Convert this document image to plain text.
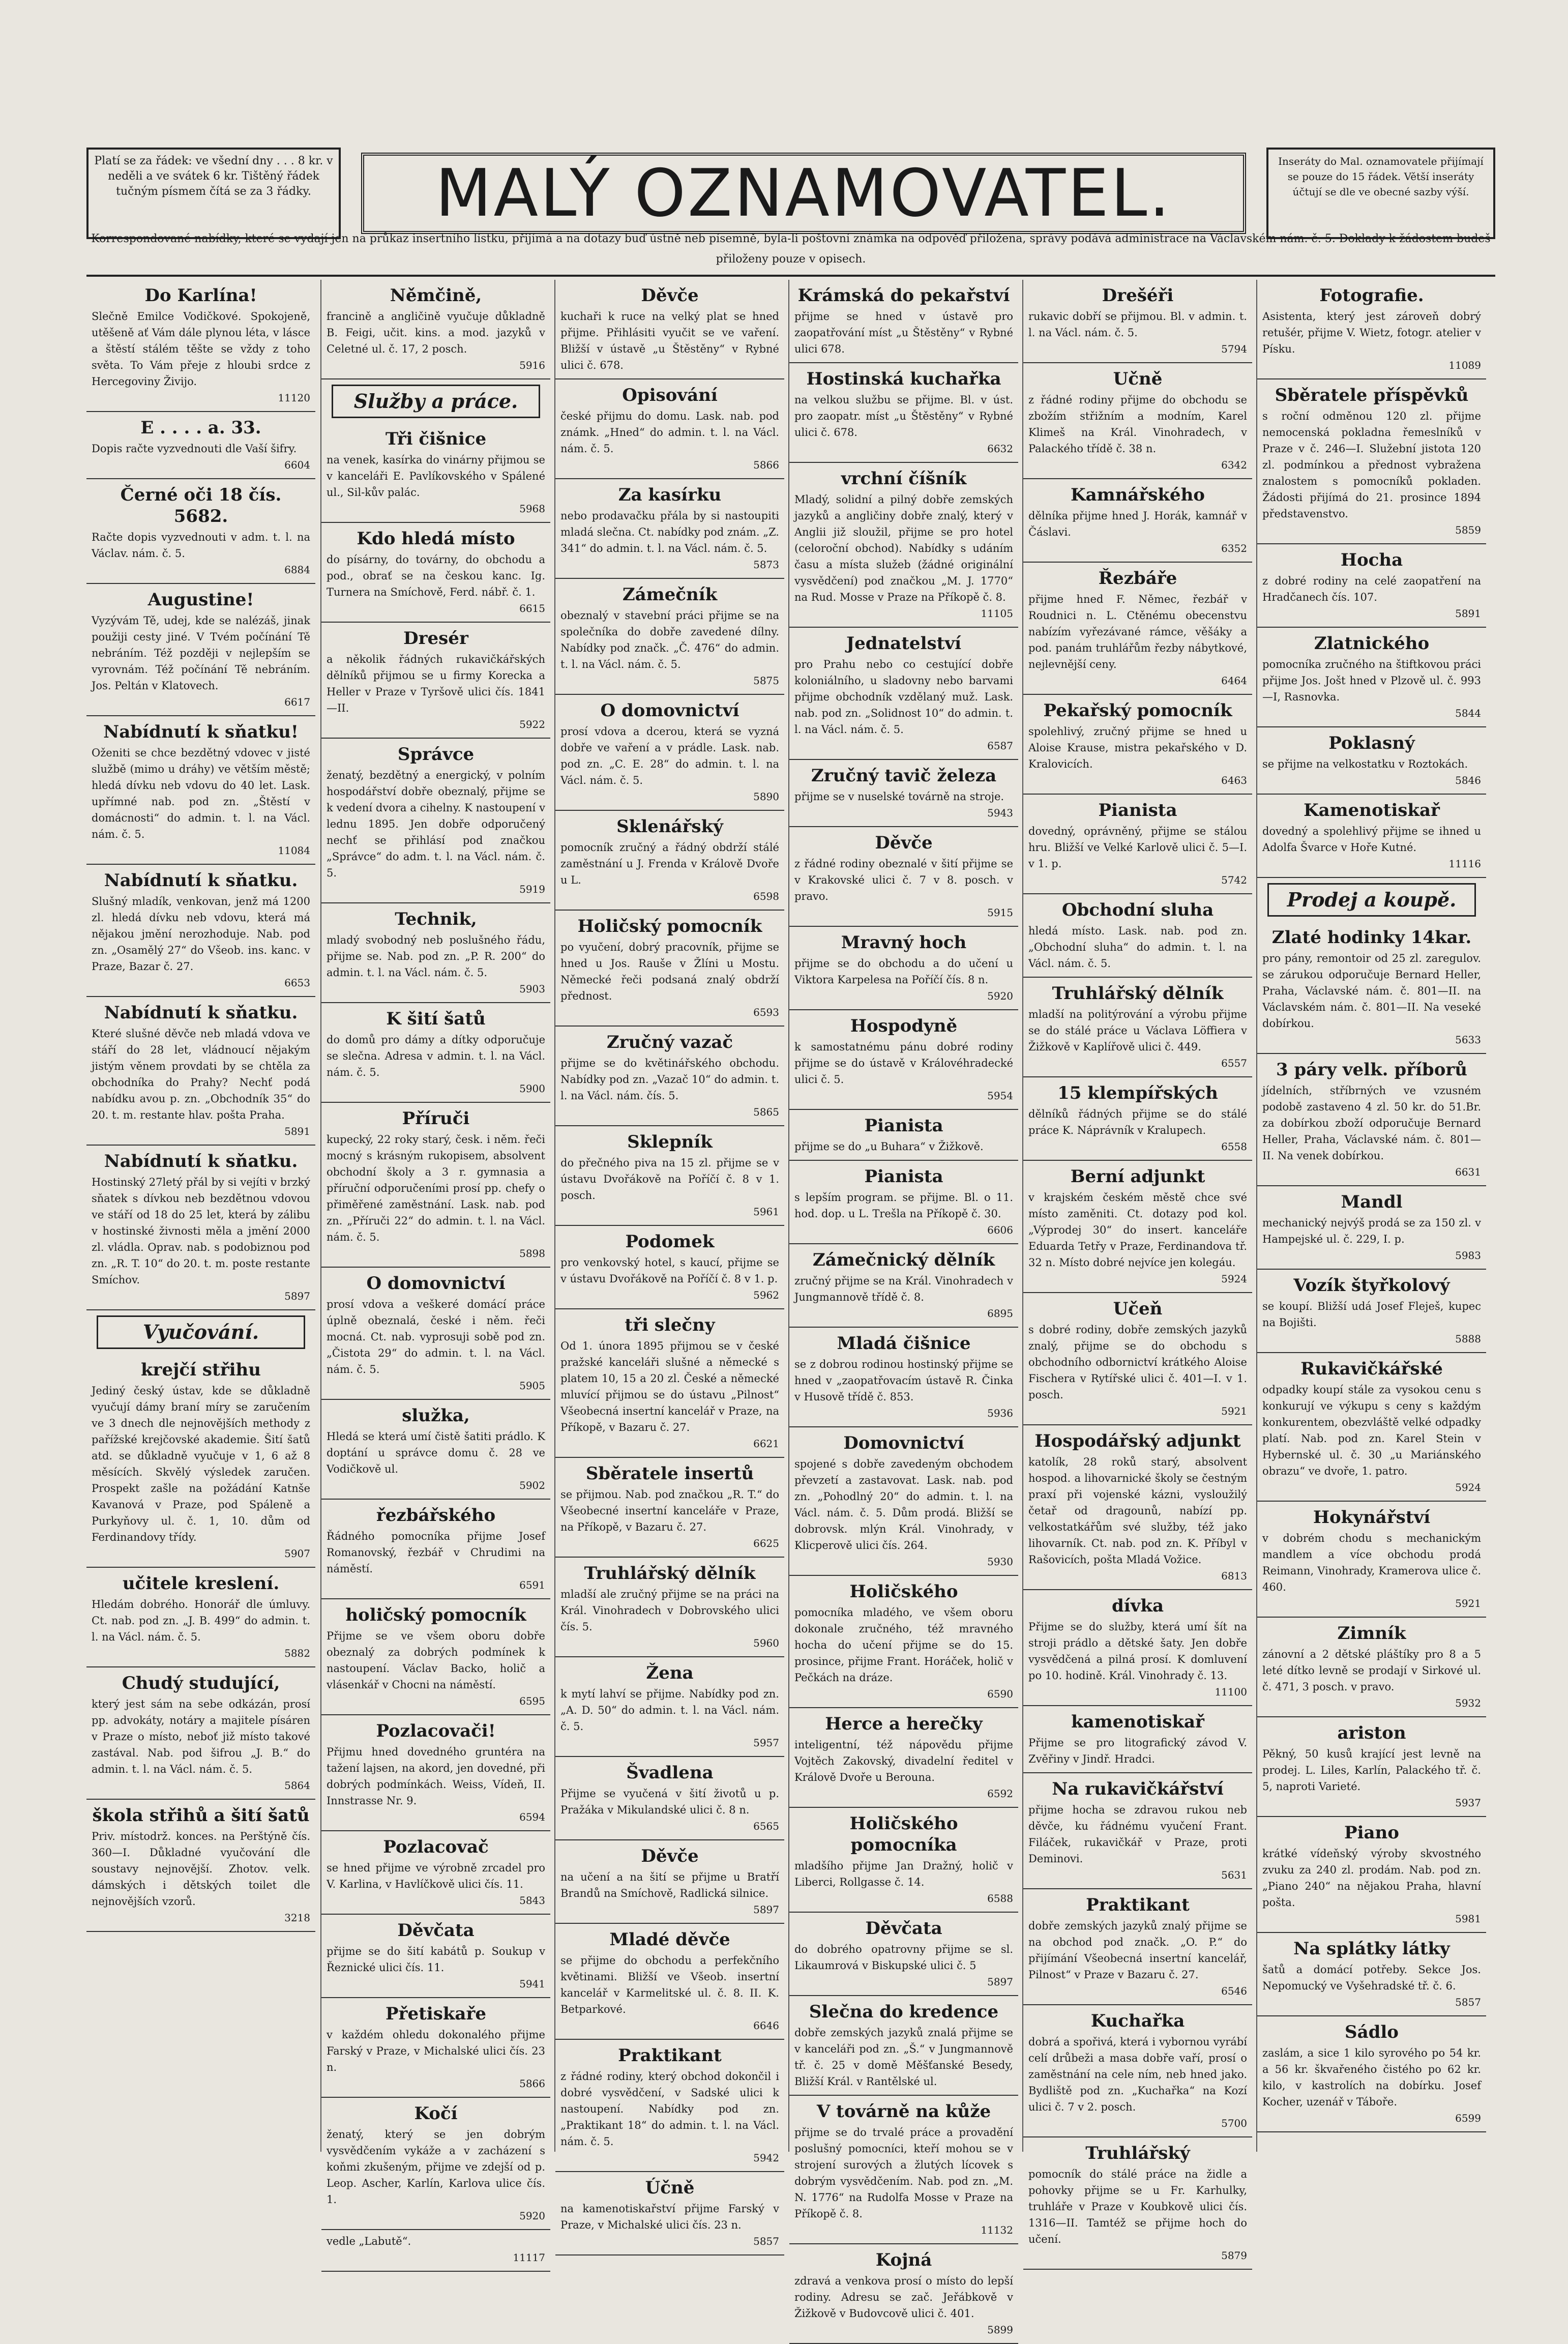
Platí se za řádek: ve všední dny . . . 8 kr. v neděli a ve svátek 6 kr. Tištěný řádek tučným písmem čítá se za 3 řádky.	MALÝ OZNAMOVATEL.	Inseráty do Mal. oznamovatele přijímají se pouze do 15 řádek. Větší inseráty účtují se dle ve obecné sazby výší.
Korrespondované nabídky, které se vydají jen na průkaz insertního lístku, přijímá a na dotazy buď ústně neb písemně, byla-li poštovní známka na odpověď přiložena, správy podává administrace na Václavském nám. č. 5. Doklady k žádostem budeš přiloženy pouze v opisech.
Do Karlína!

Slečně Emilce Vodičkové. Spokojeně, utěšeně ať Vám dále plynou léta, v lásce a štěstí stálém těšte se vždy z toho světa. To Vám přeje z hloubi srdce z Hercegoviny Živijo.

11120
E . . . . a. 33.

Dopis račte vyzvednouti dle Vaší šifry.

6604
Černé oči 18 čís. 5682.

Račte dopis vyzvednouti v adm. t. l. na Václav. nám. č. 5.

6884
Augustine!

Vyzývám Tě, udej, kde se nalézáš, jinak použiji cesty jiné. V Tvém počínání Tě nebráním. Též později v nejlepším se vyrovnám. Též počínání Tě nebráním. Jos. Peltán v Klatovech.

6617
Nabídnutí k sňatku!

Oženiti se chce bezdětný vdovec v jisté službě (mimo u dráhy) ve větším městě; hledá dívku neb vdovu do 40 let. Lask. upřímné nab. pod zn. „Štěstí v domácnosti“ do admin. t. l. na Václ. nám. č. 5.

11084
Nabídnutí k sňatku.

Slušný mladík, venkovan, jenž má 1200 zl. hledá dívku neb vdovu, která má nějakou jmění nerozhoduje. Nab. pod zn. „Osamělý 27“ do Všeob. ins. kanc. v Praze, Bazar č. 27.

6653
Nabídnutí k sňatku.

Které slušné děvče neb mladá vdova ve stáří do 28 let, vládnoucí nějakým jistým věnem provdati by se chtěla za obchodníka do Prahy? Nechť podá nabídku avou p. zn. „Obchodník 35“ do 20. t. m. restante hlav. pošta Praha.

5891
Nabídnutí k sňatku.

Hostinský 27letý přál by si vejíti v brzký sňatek s dívkou neb bezdětnou vdovou ve stáří od 18 do 25 let, která by zálibu v hostinské živnosti měla a jmění 2000 zl. vládla. Oprav. nab. s podobiznou pod zn. „R. T. 10“ do 20. t. m. poste restante Smíchov.

5897
Vyučování.
krejčí střihu

Jediný český ústav, kde se důkladně vyučují dámy braní míry se zaručením ve 3 dnech dle nejnovějších methody z pařížské krejčovské akademie. Šití šatů atd. se důkladně vyučuje v 1, 6 až 8 měsících. Skvělý výsledek zaručen. Prospekt zašle na požádání Katnše Kavanová v Praze, pod Spáleně a Purkyňovy ul. č. 1, 10. dům od Ferdinandovy třídy.

5907
učitele kreslení.

Hledám dobrého. Honorář dle úmluvy. Ct. nab. pod zn. „J. B. 499“ do admin. t. l. na Václ. nám. č. 5.

5882
Chudý studující,

který jest sám na sebe odkázán, prosí pp. advokáty, notáry a majitele písáren v Praze o místo, neboť již místo takové zastával. Nab. pod šifrou „J. B.“ do admin. t. l. na Václ. nám. č. 5.

5864
škola střihů a šití šatů

Priv. místodrž. konces. na Perštýně čís. 360—I. Důkladné vyučování dle soustavy nejnovější. Zhotov. velk. dámských i dětských toilet dle nejnovějších vzorů.

3218
Němčině,

francině a angličině vyučuje důkladně B. Feigi, učit. kins. a mod. jazyků v Celetné ul. č. 17, 2 posch.

5916
Služby a práce.
Tři čišnice

na venek, kasírka do vinárny přijmou se v kanceláři E. Pavlíkovského v Spálené ul., Sil-kův palác.

5968
Kdo hledá místo

do písárny, do továrny, do obchodu a pod., obrať se na českou kanc. Ig. Turnera na Smíchově, Ferd. nábř. č. 1.

6615
Dresér

a několik řádných rukavičkářských dělníků přijmou se u firmy Korecka a Heller v Praze v Tyršově ulici čís. 1841—II.

5922
Správce

ženatý, bezdětný a energický, v polním hospodářství dobře obeznalý, přijme se k vedení dvora a cihelny. K nastoupení v lednu 1895. Jen dobře odporučený nechť se přihlásí pod značkou „Správce“ do adm. t. l. na Václ. nám. č. 5.

5919
Technik,

mladý svobodný neb poslušného řádu, přijme se. Nab. pod zn. „P. R. 200“ do admin. t. l. na Václ. nám. č. 5.

5903
K šití šatů

do domů pro dámy a dítky odporučuje se slečna. Adresa v admin. t. l. na Václ. nám. č. 5.

5900
Příruči

kupecký, 22 roky starý, česk. i něm. řeči mocný s krásným rukopisem, absolvent obchodní školy a 3 r. gymnasia a příruční odporučeními prosí pp. chefy o přiměřené zaměstnání. Lask. nab. pod zn. „Příruči 22“ do admin. t. l. na Václ. nám. č. 5.

5898
O domovnictví

prosí vdova a veškeré domácí práce úplně obeznalá, české i něm. řeči mocná. Ct. nab. vyprosuji sobě pod zn. „Čistota 29“ do admin. t. l. na Václ. nám. č. 5.

5905
služka,

Hledá se která umí čistě šatiti prádlo. K doptání u správce domu č. 28 ve Vodičkově ul.

5902
řezbářského

Řádného pomocníka přijme Josef Romanovský, řezbář v Chrudimi na náměstí.

6591
holičský pomocník

Přijme se ve všem oboru dobře obeznalý za dobrých podmínek k nastoupení. Václav Backo, holič a vlásenkář v Chocni na náměstí.

6595
Pozlacovači!

Přijmu hned dovedného gruntéra na tažení lajsen, na akord, jen dovedné, při dobrých podmínkách. Weiss, Vídeň, II. Innstrasse Nr. 9.

6594
Pozlacovač

se hned přijme ve výrobně zrcadel pro V. Karlina, v Havlíčkově ulici čís. 11.

5843
Děvčata

přijme se do šití kabátů p. Soukup v Řeznické ulici čís. 11.

5941
Přetiskaře

v každém ohledu dokonalého přijme Farský v Praze, v Michalské ulici čís. 23 n.

5866
Kočí

ženatý, který se jen dobrým vysvědčením vykáže a v zacházení s koňmi zkušeným, přijme ve zdejší od p. Leop. Ascher, Karlín, Karlova ulice čís. 1.

5920

vedle „Labutě“.

11117
Děvče

kuchaři k ruce na velký plat se hned přijme. Přihlásiti vyučit se ve vaření. Bližší v ústavě „u Štěstěny“ v Rybné ulici č. 678.

Opisování

české přijmu do domu. Lask. nab. pod známk. „Hned“ do admin. t. l. na Václ. nám. č. 5.

5866
Za kasírku

nebo prodavačku přála by si nastoupiti mladá slečna. Ct. nabídky pod znám. „Z. 341“ do admin. t. l. na Václ. nám. č. 5.

5873
Zámečník

obeznalý v stavební práci přijme se na společníka do dobře zavedené dílny. Nabídky pod značk. „Č. 476“ do admin. t. l. na Václ. nám. č. 5.

5875
O domovnictví

prosí vdova a dcerou, která se vyzná dobře ve vaření a v prádle. Lask. nab. pod zn. „C. E. 28“ do admin. t. l. na Václ. nám. č. 5.

5890
Sklenářský

pomocník zručný a řádný obdrží stálé zaměstnání u J. Frenda v Králově Dvoře u L.

6598
Holičský pomocník

po vyučení, dobrý pracovník, přijme se hned u Jos. Rauše v Žlíni u Mostu. Německé řeči podsaná znalý obdrží přednost.

6593
Zručný vazač

přijme se do květinářského obchodu. Nabídky pod zn. „Vazač 10“ do admin. t. l. na Václ. nám. čís. 5.

5865
Sklepník

do přečného piva na 15 zl. přijme se v ústavu Dvořákově na Poříčí č. 8 v 1. posch.

5961
Podomek

pro venkovský hotel, s kaucí, přijme se v ústavu Dvořákově na Poříčí č. 8 v 1. p.

5962
tři slečny

Od 1. února 1895 přijmou se v české pražské kanceláři slušné a německé s platem 10, 15 a 20 zl. České a německé mluvící přijmou se do ústavu „Pilnost“ Všeobecná insertní kancelář v Praze, na Příkopě, v Bazaru č. 27.

6621
Sběratele insertů

se přijmou. Nab. pod značkou „R. T.“ do Všeobecné insertní kanceláře v Praze, na Příkopě, v Bazaru č. 27.

6625
Truhlářský dělník

mladší ale zručný přijme se na práci na Král. Vinohradech v Dobrovského ulici čís. 5.

5960
Žena

k mytí lahví se přijme. Nabídky pod zn. „A. D. 50“ do admin. t. l. na Václ. nám. č. 5.

5957
Švadlena

Přijme se vyučená v šití životů u p. Pražáka v Mikulandské ulici č. 8 n.

6565
Děvče

na učení a na šití se přijme u Bratří Brandů na Smíchově, Radlická silnice.

5897
Mladé děvče

se přijme do obchodu a perfekčního květinami. Bližší ve Všeob. insertní kancelář v Karmelitské ul. č. 8. II. K. Betparkové.

6646
Praktikant

z řádné rodiny, který obchod dokončil i dobré vysvědčení, v Sadské ulici k nastoupení. Nabídky pod zn. „Praktikant 18“ do admin. t. l. na Václ. nám. č. 5.

5942
Účně

na kamenotiskařství přijme Farský v Praze, v Michalské ulici čís. 23 n.

5857
Krámská do pekařství

přijme se hned v ústavě pro zaopatřování míst „u Štěstěny“ v Rybné ulici 678.

Hostinská kuchařka

na velkou službu se přijme. Bl. v úst. pro zaopatr. míst „u Štěstěny“ v Rybné ulici č. 678.

6632
vrchní číšník

Mladý, solidní a pilný dobře zemských jazyků a angličiny dobře znalý, který v Anglii již sloužil, přijme se pro hotel (celoroční obchod). Nabídky s udáním času a místa služeb (žádné originální vysvědčení) pod značkou „M. J. 1770“ na Rud. Mosse v Praze na Příkopě č. 8.

11105
Jednatelství

pro Prahu nebo co cestující dobře koloniálního, u sladovny nebo barvami přijme obchodník vzdělaný muž. Lask. nab. pod zn. „Solidnost 10“ do admin. t. l. na Václ. nám. č. 5.

6587
Zručný tavič železa

přijme se v nuselské továrně na stroje.

5943
Děvče

z řádné rodiny obeznalé v šití přijme se v Krakovské ulici č. 7 v 8. posch. v pravo.

5915
Mravný hoch

přijme se do obchodu a do učení u Viktora Karpelesa na Poříčí čís. 8 n.

5920
Hospodyně

k samostatnému pánu dobré rodiny přijme se do ústavě v Královéhradecké ulici č. 5.

5954
Pianista

přijme se do „u Buhara“ v Žižkově.

Pianista

s lepším program. se přijme. Bl. o 11. hod. dop. u L. Trešla na Příkopě č. 30.

6606
Zámečnický dělník

zručný přijme se na Král. Vinohradech v Jungmannově třídě č. 8.

6895
Mladá čišnice

se z dobrou rodinou hostinský přijme se hned v „zaopatřovacím ústavě R. Činka v Husově třídě č. 853.

5936
Domovnictví

spojené s dobře zavedeným obchodem převzetí a zastavovat. Lask. nab. pod zn. „Pohodlný 20“ do admin. t. l. na Václ. nám. č. 5. Dům prodá. Bližší se dobrovsk. mlýn Král. Vinohrady, v Klicperově ulici čís. 264.

5930
Holičského

pomocníka mladého, ve všem oboru dokonale zručného, též mravného hocha do učení přijme se do 15. prosince, přijme Frant. Horáček, holič v Pečkách na dráze.

6590
Herce a herečky

inteligentní, též nápovědu přijme Vojtěch Zakovský, divadelní ředitel v Králově Dvoře u Berouna.

6592
Holičského pomocníka

mladšího přijme Jan Dražný, holič v Liberci, Rollgasse č. 14.

6588
Děvčata

do dobrého opatrovny přijme se sl. Likaumrová v Biskupské ulici č. 5

5897
Slečna do kredence

dobře zemských jazyků znalá přijme se v kanceláři pod zn. „Š.“ v Jungmannově tř. č. 25 v domě Měšťanské Besedy, Bližší Král. v Rantělské ul.

V továrně na kůže

přijme se do trvalé práce a provadění poslušný pomocníci, kteří mohou se v strojení surových a žlutých lícovek s dobrým vysvědčením. Nab. pod zn. „M. N. 1776“ na Rudolfa Mosse v Praze na Příkopě č. 8.

11132
Kojná

zdravá a venkova prosí o místo do lepší rodiny. Adresu se zač. Jeřábkově v Žižkově v Budovcově ulici č. 401.

5899
Drešéři

rukavic dobří se přijmou. Bl. v admin. t. l. na Václ. nám. č. 5.

5794
Učně

z řádné rodiny přijme do obchodu se zbožím střižním a modním, Karel Klimeš na Král. Vinohradech, v Palackého třídě č. 38 n.

6342
Kamnářského

dělníka přijme hned J. Horák, kamnář v Čáslavi.

6352
Řezbáře

přijme hned F. Němec, řezbář v Roudnici n. L. Ctěnému obecenstvu nabízím vyřezávané rámce, věšáky a pod. panám truhlářům řezby nábytkové, nejlevnější ceny.

6464
Pekařský pomocník

spolehlivý, zručný přijme se hned u Aloise Krause, mistra pekařského v D. Kralovicích.

6463
Pianista

dovedný, oprávněný, přijme se stálou hru. Bližší ve Velké Karlově ulici č. 5—I. v 1. p.

5742
Obchodní sluha

hledá místo. Lask. nab. pod zn. „Obchodní sluha“ do admin. t. l. na Václ. nám. č. 5.

Truhlářský dělník

mladší na politýrování a výrobu přijme se do stálé práce u Václava Löffiera v Žižkově v Kaplířově ulici č. 449.

6557
15 klempířských

dělníků řádných přijme se do stálé práce K. Náprávník v Kralupech.

6558
Berní adjunkt

v krajském českém městě chce své místo zaměniti. Ct. dotazy pod kol. „Výprodej 30“ do insert. kanceláře Eduarda Tetřy v Praze, Ferdinandova tř. 32 n. Místo dobré nejvíce jen kolegáu.

5924
Učeň

s dobré rodiny, dobře zemských jazyků znalý, přijme se do obchodu s obchodního odbornictví krátkého Aloise Fischera v Rytířské ulici č. 401—I. v 1. posch.

5921
Hospodářský adjunkt

katolík, 28 roků starý, absolvent hospod. a lihovarnické školy se čestným praxí při vojenské kázni, vysloužilý četař od dragounů, nabízí pp. velkostatkářům své služby, též jako lihovarník. Ct. nab. pod zn. K. Příbyl v Rašovicích, pošta Mladá Vožice.

6813
dívka

Přijme se do služby, která umí šít na stroji prádlo a dětské šaty. Jen dobře vysvědčená a pilná prosí. K domluvení po 10. hodině. Král. Vinohrady č. 13.

11100
kamenotiskař

Přijme se pro litografický závod V. Zvěřiny v Jindř. Hradci.

Na rukavičkářství

přijme hocha se zdravou rukou neb děvče, ku řádnému vyučení Frant. Filáček, rukavičkář v Praze, proti Deminovi.

5631
Praktikant

dobře zemských jazyků znalý přijme se na obchod pod značk. „O. P.“ do přijímání Všeobecná insertní kancelář, Pilnost“ v Praze v Bazaru č. 27.

6546
Kuchařka

dobrá a spořivá, která i vybornou vyrábí celí drůbeži a masa dobře vaří, prosí o zaměstnání na cele ním, neb hned jako. Bydliště pod zn. „Kuchařka“ na Kozí ulici č. 7 v 2. posch.

5700
Truhlářský

pomocník do stálé práce na židle a pohovky přijme se u Fr. Karhulky, truhláře v Praze v Koubkově ulici čís. 1316—II. Tamtéž se přijme hoch do učení.

5879
Fotografie.

Asistenta, který jest zároveň dobrý retušér, přijme V. Wietz, fotogr. atelier v Písku.

11089
Sběratele příspěvků

s roční odměnou 120 zl. přijme nemocenská pokladna řemeslníků v Praze v č. 246—I. Služební jistota 120 zl. podmínkou a přednost vybražena znalostem s pomocníků pokladen. Žádosti přijímá do 21. prosince 1894 představenstvo.

5859
Hocha

z dobré rodiny na celé zaopatření na Hradčanech čís. 107.

5891
Zlatnického

pomocníka zručného na štiftkovou práci přijme Jos. Jošt hned v Plzově ul. č. 993—I, Rasnovka.

5844
Poklasný

se přijme na velkostatku v Roztokách.

5846
Kamenotiskař

dovedný a spolehlivý přijme se ihned u Adolfa Švarce v Hoře Kutné.

11116
Prodej a koupě.
Zlaté hodinky 14kar.

pro pány, remontoir od 25 zl. zaregulov. se zárukou odporučuje Bernard Heller, Praha, Václavské nám. č. 801—II. na Václavském nám. č. 801—II. Na veseké dobírkou.

5633
3 páry velk. příborů

jídelních, stříbrných ve vzusném podobě zastaveno 4 zl. 50 kr. do 51.Br. za dobírkou zboží odporučuje Bernard Heller, Praha, Václavské nám. č. 801—II. Na venek dobírkou.

6631
Mandl

mechanický nejvýš prodá se za 150 zl. v Hampejské ul. č. 229, I. p.

5983
Vozík štyřkolový

se koupí. Bližší udá Josef Fleješ, kupec na Bojišti.

5888
Rukavičkářské

odpadky koupí stále za vysokou cenu s konkurují ve výkupu s ceny s každým konkurentem, obezvláště velké odpadky platí. Nab. pod zn. Karel Stein v Hybernské ul. č. 30 „u Mariánského obrazu“ ve dvoře, 1. patro.

5924
Hokynářství

v dobrém chodu s mechanickým mandlem a více obchodu prodá Reimann, Vinohrady, Kramerova ulice č. 460.

5921
Zimník

zánovní a 2 dětské pláštíky pro 8 a 5 leté dítko levně se prodají v Sirkové ul. č. 471, 3 posch. v pravo.

5932
ariston

Pěkný, 50 kusů krající jest levně na prodej. L. Liles, Karlín, Palackého tř. č. 5, naproti Varieté.

5937
Piano

krátké vídeňský výroby skvostného zvuku za 240 zl. prodám. Nab. pod zn. „Piano 240“ na nějakou Praha, hlavní pošta.

5981
Na splátky látky

šatů a domácí potřeby. Sekce Jos. Nepomucký ve Vyšehradské tř. č. 6.

5857
Sádlo

zaslám, a sice 1 kilo syrového po 54 kr. a 56 kr. škvařeného čistého po 62 kr. kilo, v kastrolích na dobírku. Josef Kocher, uzenář v Táboře.

6599
